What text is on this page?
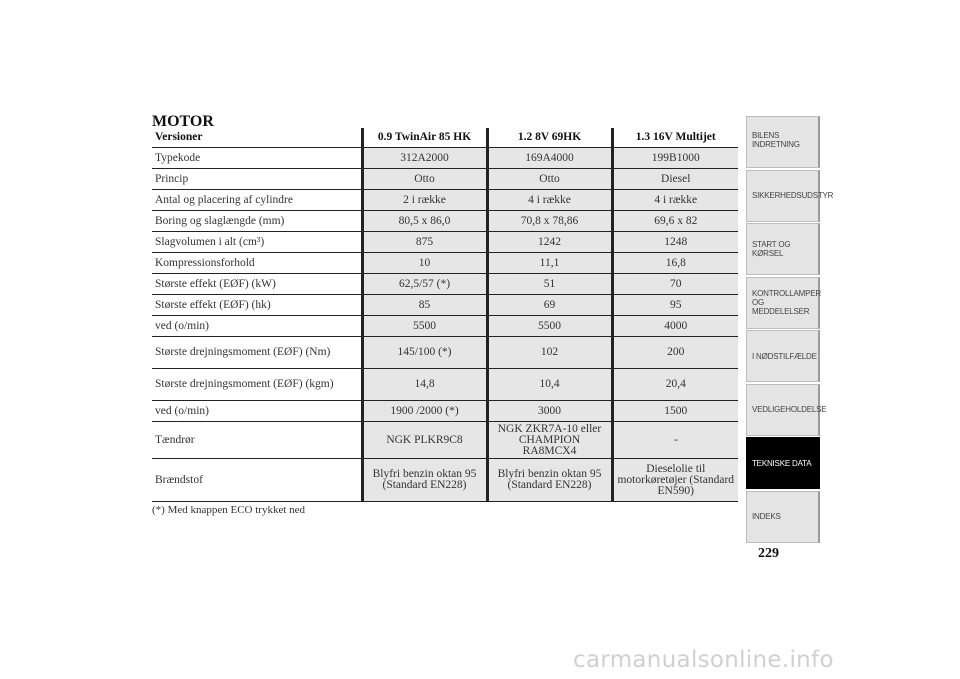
MOTOR
Versioner	0.9 TwinAir 85 HK	1.2 8V 69HK	1.3 16V Multijet
Typekode	312A2000	169A4000	199B1000
Princip	Otto	Otto	Diesel
Antal og placering af cylindre	2 i række	4 i række	4 i række
Boring og slaglængde (mm)	80,5 x 86,0	70,8 x 78,86	69,6 x 82
Slagvolumen i alt (cm³)	875	1242	1248
Kompressionsforhold	10	11,1	16,8
Største effekt (EØF) (kW)	62,5/57 (*)	51	70
Største effekt (EØF) (hk)	85	69	95
ved (o/min)	5500	5500	4000
Største drejningsmoment (EØF) (Nm)	145/100 (*)	102	200
Største drejningsmoment (EØF) (kgm)	14,8	10,4	20,4
ved (o/min)	1900 /2000 (*)	3000	1500
Tændrør	NGK PLKR9C8	NGK ZKR7A-10 eller CHAMPION RA8MCX4	-
Brændstof	Blyfri benzin oktan 95 (Standard EN228)	Blyfri benzin oktan 95 (Standard EN228)	Dieselolie til motorkøretøjer (Standard EN590)
(*) Med knappen ECO trykket ned
BILENS INDRETNING
SIKKERHEDSUDSTYR
START OG KØRSEL
KONTROLLAMPER OG MEDDELELSER
I NØDSTILFÆLDE
VEDLIGEHOLDELSE
TEKNISKE DATA
INDEKS
229
carmanualsonline.info
